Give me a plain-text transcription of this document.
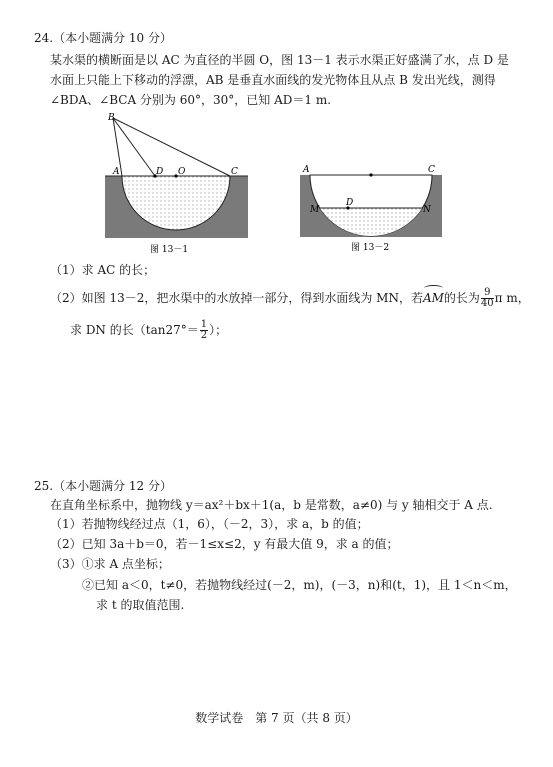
24.（本小题满分 10 分）
某水渠的横断面是以 AC 为直径的半圆 O，图 13－1 表示水渠正好盛满了水，点 D 是
水面上只能上下移动的浮漂，AB 是垂直水面线的发光物体且从点 B 发出光线，测得
∠BDA、∠BCA 分别为 60°，30°，已知 AD＝1 m.
B
A	D O	C
图 13－1
A	C
M
D
N
图 13－2
（1）求 AC 的长；
（2）如图 13－2，把水渠中的水放掉一部分，得到水面线为 MN，若AM的长为 $\frac{9}{40}$ π m，
求 DN 的长（$\tan 27^\circ= \frac{1}{2}$ ）；
25.（本小题满分 12 分）
在直角坐标系中，抛物线 y＝ax²＋bx＋1(a，b 是常数，a≠0) 与 y 轴相交于 A 点.
（1）若抛物线经过点（1，6），（－2，3），求 a，b 的值；
（2）已知 3a＋b＝0，若－1≤x≤2，y 有最大值 9，求 a 的值；
（3）①求 A 点坐标；
②已知 a＜0，t≠0，若抛物线经过(－2，m)，(－3，n)和(t，1)，且 1＜n＜m，
求 t 的取值范围.
数学试卷　第 7 页（共 8 页）
